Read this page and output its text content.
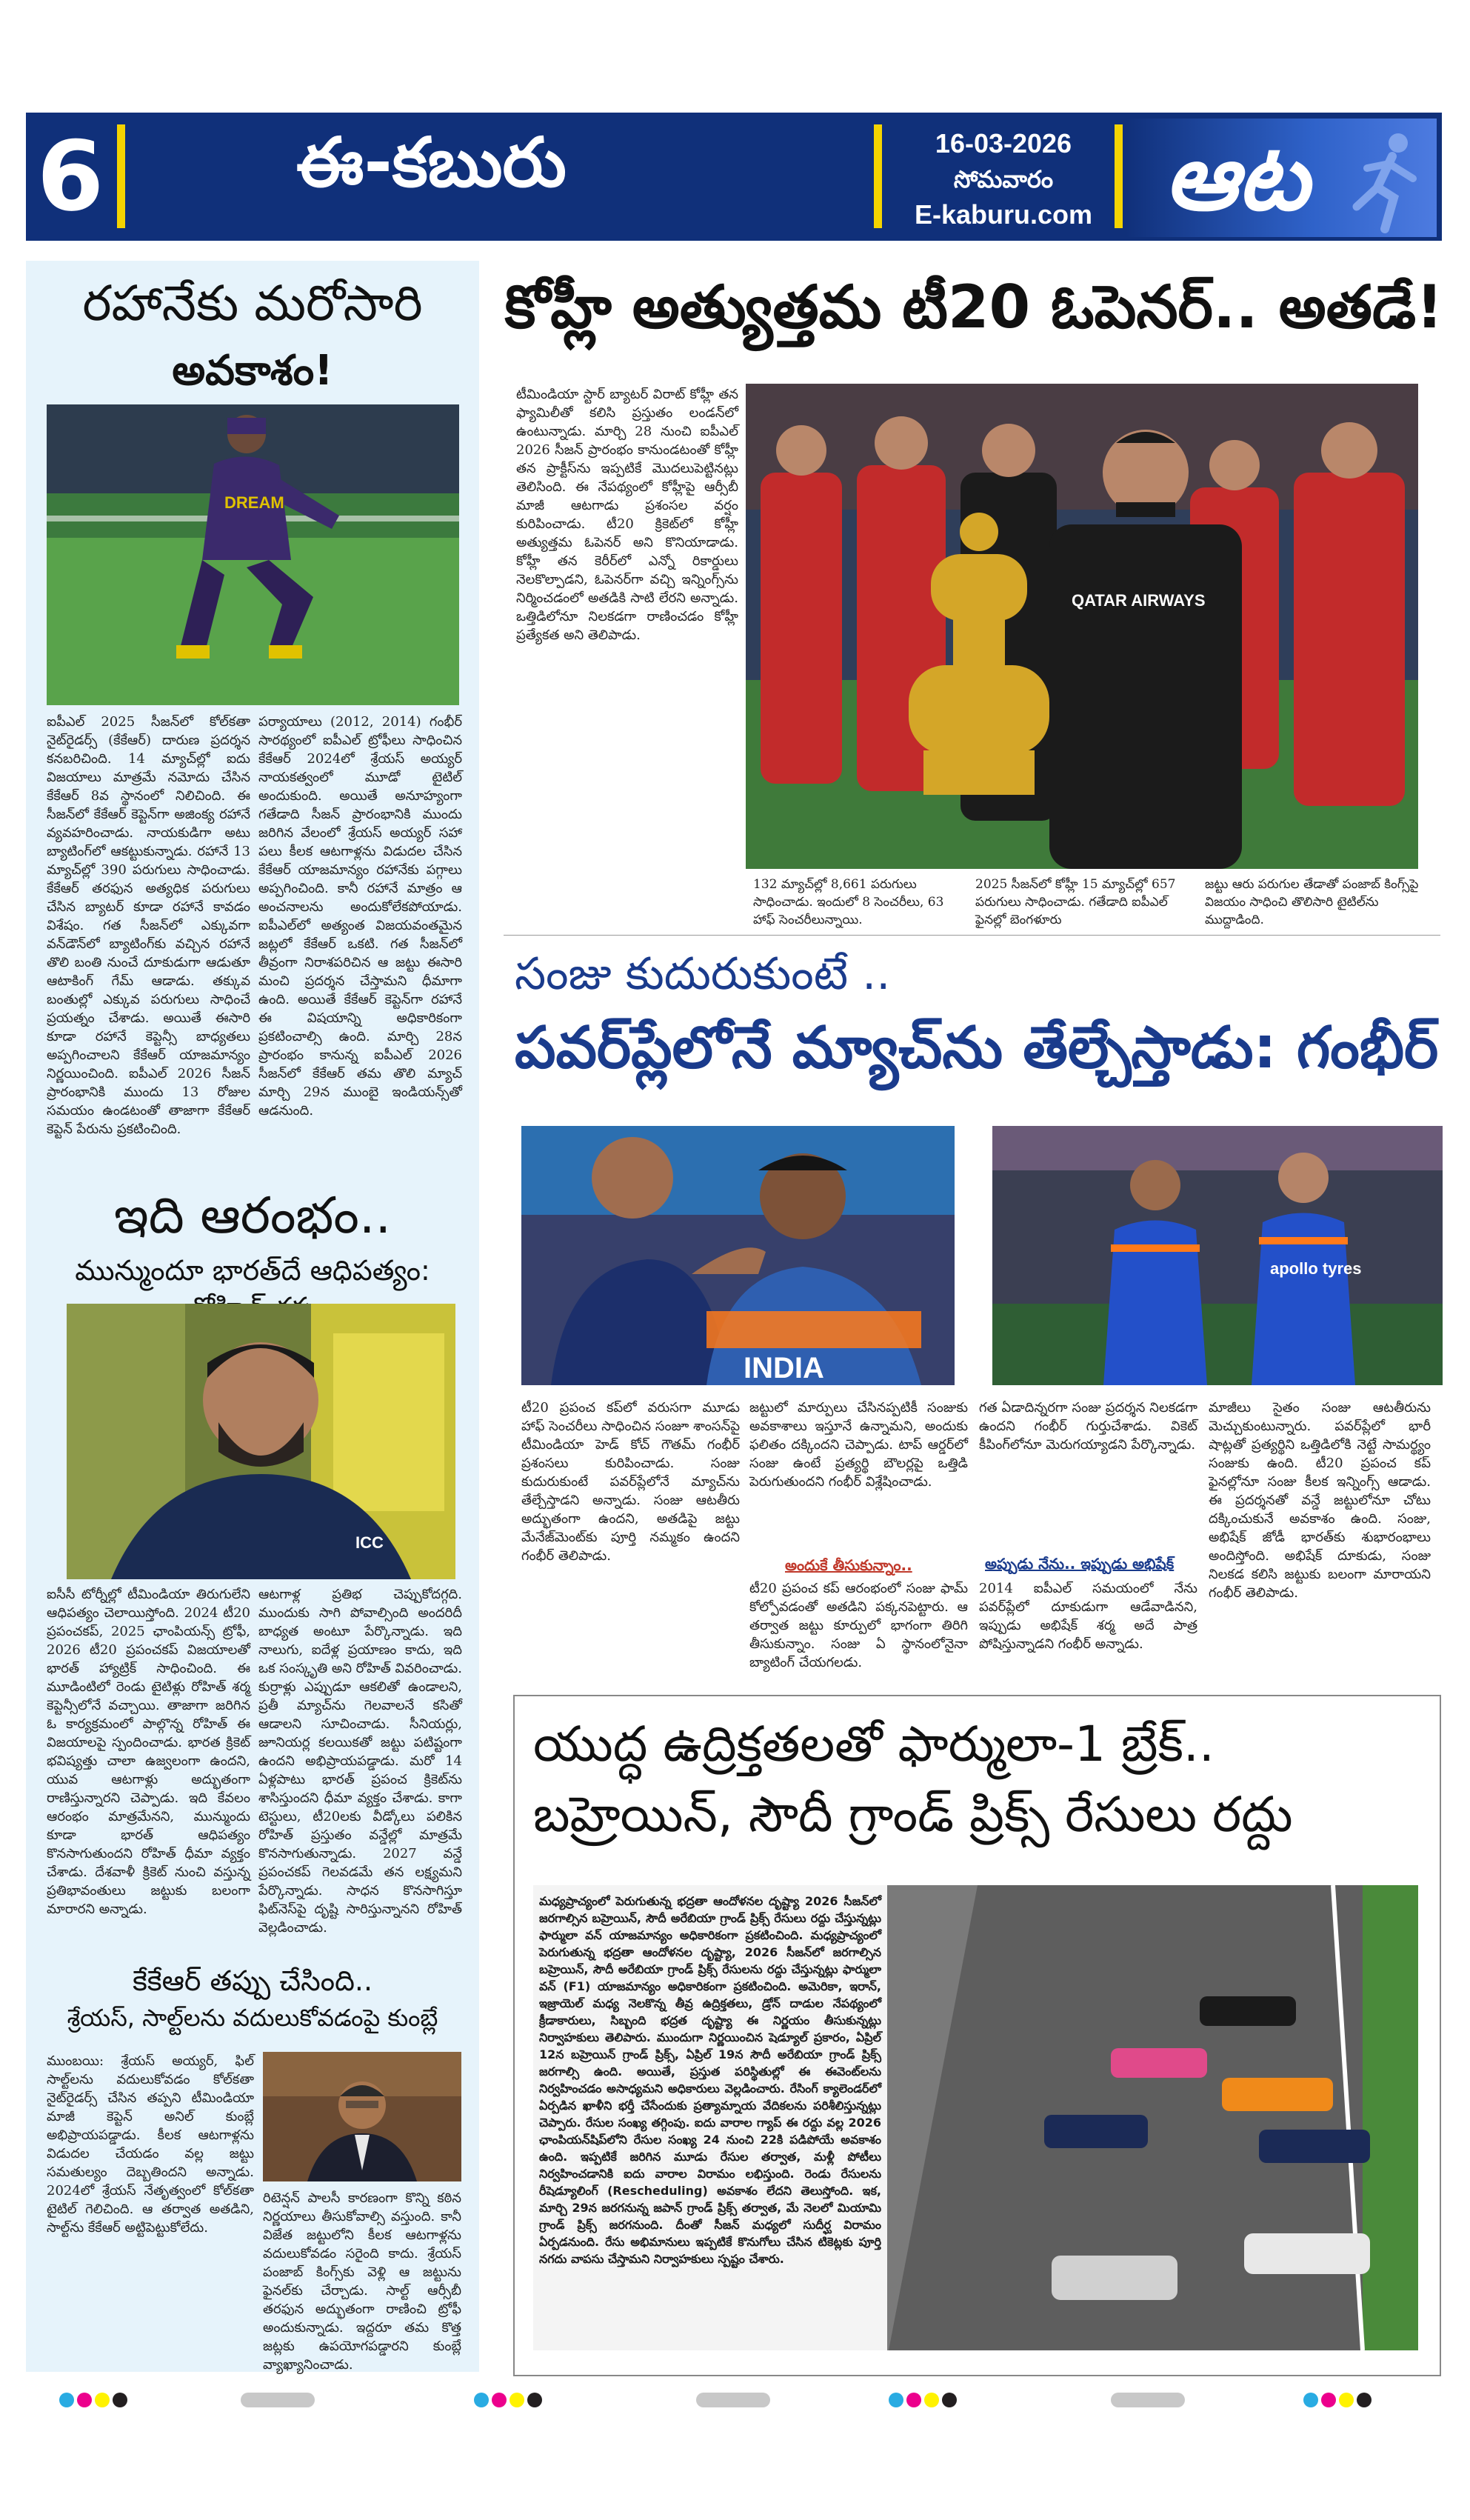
6	ఈ-కబురు	16-03-2026
సోమవారం
E-kaburu.com ఆట
రహానేకు మరోసారి
అవకాశం!
DREAM
ఐపీఎల్ 2025 సీజన్‌లో కోల్‌కతా నైట్‌రైడర్స్ (కేకేఆర్) దారుణ ప్రదర్శన కనబరిచింది. 14 మ్యాచ్‌ల్లో ఐదు విజయాలు మాత్రమే నమోదు చేసిన కేకేఆర్ 8వ స్థానంలో నిలిచింది. ఈ సీజన్‌లో కేకేఆర్ కెప్టెన్‌గా అజింక్య రహానే వ్యవహరించాడు. నాయకుడిగా అటు బ్యాటింగ్‌లో ఆకట్టుకున్నాడు. రహానే 13 మ్యాచ్‌ల్లో 390 పరుగులు సాధించాడు. కేకేఆర్ తరఫున అత్యధిక పరుగులు చేసిన బ్యాటర్ కూడా రహానే కావడం విశేషం. గత సీజన్‌లో ఎక్కువగా వన్‌డౌన్‌లో బ్యాటింగ్‌కు వచ్చిన రహానే తొలి బంతి నుంచే దూకుడుగా ఆడుతూ ఆటాకింగ్ గేమ్ ఆడాడు. తక్కువ బంతుల్లో ఎక్కువ పరుగులు సాధించే ప్రయత్నం చేశాడు. అయితే ఈసారి కూడా రహానే కెప్టెన్సీ బాధ్యతలు అప్పగించాలని కేకేఆర్ యాజమాన్యం నిర్ణయించింది. ఐపీఎల్ 2026 సీజన్ ప్రారంభానికి ముందు 13 రోజుల సమయం ఉండటంతో తాజాగా కేకేఆర్ కెప్టెన్ పేరును ప్రకటించింది.
పర్యాయాలు (2012, 2014) గంభీర్ సారథ్యంలో ఐపీఎల్ ట్రోఫీలు సాధించిన కేకేఆర్ 2024లో శ్రేయస్ అయ్యర్ నాయకత్వంలో మూడో టైటిల్ అందుకుంది. అయితే అనూహ్యంగా గతేడాది సీజన్ ప్రారంభానికి ముందు జరిగిన వేలంలో శ్రేయస్ అయ్యర్ సహా పలు కీలక ఆటగాళ్లను విడుదల చేసిన కేకేఆర్ యాజమాన్యం రహానేకు పగ్గాలు అప్పగించింది. కానీ రహానే మాత్రం ఆ అంచనాలను అందుకోలేకపోయాడు. ఐపీఎల్‌లో అత్యంత విజయవంతమైన జట్లలో కేకేఆర్ ఒకటి. గత సీజన్‌లో తీవ్రంగా నిరాశపరిచిన ఆ జట్టు ఈసారి మంచి ప్రదర్శన చేస్తామని ధీమాగా ఉంది. అయితే కేకేఆర్ కెప్టెన్‌గా రహానే ఈ విషయాన్ని అధికారికంగా ప్రకటించాల్సి ఉంది. మార్చి 28న ప్రారంభం కానున్న ఐపీఎల్ 2026 సీజన్‌లో కేకేఆర్ తమ తొలి మ్యాచ్ మార్చి 29న ముంబై ఇండియన్స్‌తో ఆడనుంది.
ఇది ఆరంభం..
మున్ముందూ భారత్‌దే ఆధిపత్యం:
ICC
ఐసీసీ టోర్నీల్లో టీమిండియా తిరుగులేని ఆధిపత్యం చెలాయిస్తోంది. 2024 టీ20 ప్రపంచకప్, 2025 ఛాంపియన్స్ ట్రోఫీ, 2026 టీ20 ప్రపంచకప్ విజయాలతో భారత్ హ్యాట్రిక్ సాధించింది. ఈ మూడింటిలో రెండు టైటిళ్లు రోహిత్ శర్మ కెప్టెన్సీలోనే వచ్చాయి. తాజాగా జరిగిన ఓ కార్యక్రమంలో పాల్గొన్న రోహిత్ ఈ విజయాలపై స్పందించాడు. భారత క్రికెట్ భవిష్యత్తు చాలా ఉజ్వలంగా ఉందని, యువ ఆటగాళ్లు అద్భుతంగా రాణిస్తున్నారని చెప్పాడు. ఇది కేవలం ఆరంభం మాత్రమేనని, మున్ముందు కూడా భారత్ ఆధిపత్యం కొనసాగుతుందని రోహిత్ ధీమా వ్యక్తం చేశాడు. దేశవాళీ క్రికెట్ నుంచి వస్తున్న ప్రతిభావంతులు జట్టుకు బలంగా మారారని అన్నాడు.
ఆటగాళ్ల ప్రతిభ చెప్పుకోదగ్గది. ముందుకు సాగి పోవాల్సింది అందరిదీ బాధ్యత అంటూ పేర్కొన్నాడు. ఇది నాలుగు, ఐదేళ్ల ప్రయాణం కాదు, ఇది ఒక సంస్కృతి అని రోహిత్ వివరించాడు. కుర్రాళ్లు ఎప్పుడూ ఆకలితో ఉండాలని, ప్రతీ మ్యాచ్‌ను గెలవాలనే కసితో ఆడాలని సూచించాడు. సీనియర్లు, జూనియర్ల కలయికతో జట్టు పటిష్టంగా ఉందని అభిప్రాయపడ్డాడు. మరో 14 ఏళ్లపాటు భారత్ ప్రపంచ క్రికెట్‌ను శాసిస్తుందని ధీమా వ్యక్తం చేశాడు. కాగా టెస్టులు, టీ20లకు వీడ్కోలు పలికిన రోహిత్ ప్రస్తుతం వన్డేల్లో మాత్రమే కొనసాగుతున్నాడు. 2027 వన్డే ప్రపంచకప్ గెలవడమే తన లక్ష్యమని పేర్కొన్నాడు. సాధన కొనసాగిస్తూ ఫిట్‌నెస్‌పై దృష్టి సారిస్తున్నానని రోహిత్ వెల్లడించాడు.
కేకేఆర్ తప్పు చేసింది..
శ్రేయస్, సాల్ట్‌లను వదులుకోవడంపై కుంబ్లే
ముంబయి: శ్రేయస్ అయ్యర్, ఫిల్ సాల్ట్‌లను వదులుకోవడం కోల్‌కతా నైట్‌రైడర్స్ చేసిన తప్పని టీమిండియా మాజీ కెప్టెన్ అనిల్ కుంబ్లే అభిప్రాయపడ్డాడు. కీలక ఆటగాళ్లను విడుదల చేయడం వల్ల జట్టు సమతుల్యం దెబ్బతిందని అన్నాడు. 2024లో శ్రేయస్ నేతృత్వంలో కోల్‌కతా టైటిల్ గెలిచింది. ఆ తర్వాత అతడిని, సాల్ట్‌ను కేకేఆర్ అట్టిపెట్టుకోలేదు.
రిటెన్షన్ పాలసీ కారణంగా కొన్ని కఠిన నిర్ణయాలు తీసుకోవాల్సి వస్తుంది. కానీ విజేత జట్టులోని కీలక ఆటగాళ్లను వదులుకోవడం సరైంది కాదు. శ్రేయస్ పంజాబ్ కింగ్స్‌కు వెళ్లి ఆ జట్టును ఫైనల్‌కు చేర్చాడు. సాల్ట్ ఆర్సీబీ తరఫున అద్భుతంగా రాణించి ట్రోఫీ అందుకున్నాడు. ఇద్దరూ తమ కొత్త జట్లకు ఉపయోగపడ్డారని కుంబ్లే వ్యాఖ్యానించాడు.
కోహ్లీ అత్యుత్తమ టీ20 ఓపెనర్.. అతడే!
టీమిండియా స్టార్ బ్యాటర్ విరాట్ కోహ్లీ తన ఫ్యామిలీతో కలిసి ప్రస్తుతం లండన్‌లో ఉంటున్నాడు. మార్చి 28 నుంచి ఐపీఎల్ 2026 సీజన్ ప్రారంభం కానుండటంతో కోహ్లీ తన ప్రాక్టీస్‌ను ఇప్పటికే మొదలుపెట్టినట్లు తెలిసింది. ఈ నేపథ్యంలో కోహ్లీపై ఆర్సీబీ మాజీ ఆటగాడు ప్రశంసల వర్షం కురిపించాడు. టీ20 క్రికెట్‌లో కోహ్లీ అత్యుత్తమ ఓపెనర్ అని కొనియాడాడు. కోహ్లీ తన కెరీర్‌లో ఎన్నో రికార్డులు నెలకొల్పాడని, ఓపెనర్‌గా వచ్చి ఇన్నింగ్స్‌ను నిర్మించడంలో అతడికి సాటి లేరని అన్నాడు. ఒత్తిడిలోనూ నిలకడగా రాణించడం కోహ్లీ ప్రత్యేకత అని తెలిపాడు.
QATAR AIRWAYS
132 మ్యాచ్‌ల్లో 8,661 పరుగులు సాధించాడు. ఇందులో 8 సెంచరీలు, 63 హాఫ్ సెంచరీలున్నాయి.
2025 సీజన్‌లో కోహ్లీ 15 మ్యాచ్‌ల్లో 657 పరుగులు సాధించాడు. గతేడాది ఐపీఎల్ ఫైనల్లో బెంగళూరు
జట్టు ఆరు పరుగుల తేడాతో పంజాబ్ కింగ్స్‌పై విజయం సాధించి తొలిసారి టైటిల్‌ను ముద్దాడింది.
సంజు కుదురుకుంటే ..
పవర్‌ప్లేలోనే మ్యాచ్‌ను తేల్చేస్తాడు: గంభీర్
INDIA
apollo tyres
టీ20 ప్రపంచ కప్‌లో వరుసగా మూడు హాఫ్ సెంచరీలు సాధించిన సంజూ శాంసన్‌పై టీమిండియా హెడ్ కోచ్ గౌతమ్ గంభీర్ ప్రశంసలు కురిపించాడు. సంజు కుదురుకుంటే పవర్‌ప్లేలోనే మ్యాచ్‌ను తేల్చేస్తాడని అన్నాడు. సంజు ఆటతీరు అద్భుతంగా ఉందని, అతడిపై జట్టు మేనేజ్‌మెంట్‌కు పూర్తి నమ్మకం ఉందని గంభీర్ తెలిపాడు.
జట్టులో మార్పులు చేసినప్పటికీ సంజుకు అవకాశాలు ఇస్తూనే ఉన్నామని, అందుకు ఫలితం దక్కిందని చెప్పాడు. టాప్ ఆర్డర్‌లో సంజు ఉంటే ప్రత్యర్థి బౌలర్లపై ఒత్తిడి పెరుగుతుందని గంభీర్ విశ్లేషించాడు.
అందుకే తీసుకున్నాం..
టీ20 ప్రపంచ కప్ ఆరంభంలో సంజు ఫామ్ కోల్పోవడంతో అతడిని పక్కనపెట్టారు. ఆ తర్వాత జట్టు కూర్పులో భాగంగా తిరిగి తీసుకున్నాం. సంజు ఏ స్థానంలోనైనా బ్యాటింగ్ చేయగలడు.
గత ఏడాదిన్నరగా సంజు ప్రదర్శన నిలకడగా ఉందని గంభీర్ గుర్తుచేశాడు. వికెట్ కీపింగ్‌లోనూ మెరుగయ్యాడని పేర్కొన్నాడు.
అప్పుడు నేను.. ఇప్పుడు అభిషేక్
2014 ఐపీఎల్ సమయంలో నేను పవర్‌ప్లేలో దూకుడుగా ఆడేవాడినని, ఇప్పుడు అభిషేక్ శర్మ అదే పాత్ర పోషిస్తున్నాడని గంభీర్ అన్నాడు.
మాజీలు సైతం సంజు ఆటతీరును మెచ్చుకుంటున్నారు. పవర్‌ప్లేలో భారీ షాట్లతో ప్రత్యర్థిని ఒత్తిడిలోకి నెట్టే సామర్థ్యం సంజుకు ఉంది. టీ20 ప్రపంచ కప్ ఫైనల్లోనూ సంజు కీలక ఇన్నింగ్స్ ఆడాడు. ఈ ప్రదర్శనతో వన్డే జట్టులోనూ చోటు దక్కించుకునే అవకాశం ఉంది. సంజు, అభిషేక్ జోడీ భారత్‌కు శుభారంభాలు అందిస్తోంది. అభిషేక్ దూకుడు, సంజు నిలకడ కలిసి జట్టుకు బలంగా మారాయని గంభీర్ తెలిపాడు.
యుద్ధ ఉద్రిక్తతలతో ఫార్ములా-1 బ్రేక్..
బహ్రెయిన్, సౌదీ గ్రాండ్ ప్రిక్స్ రేసులు రద్దు
మధ్యప్రాచ్యంలో పెరుగుతున్న భద్రతా ఆందోళనల దృష్ట్యా 2026 సీజన్‌లో జరగాల్సిన బహ్రెయిన్, సౌదీ అరేబియా గ్రాండ్ ప్రిక్స్ రేసులు రద్దు చేస్తున్నట్లు ఫార్ములా వన్ యాజమాన్యం అధికారికంగా ప్రకటించింది. మధ్యప్రాచ్యంలో పెరుగుతున్న భద్రతా ఆందోళనల దృష్ట్యా, 2026 సీజన్‌లో జరగాల్సిన బహ్రెయిన్, సౌదీ అరేబియా గ్రాండ్ ప్రిక్స్ రేసులను రద్దు చేస్తున్నట్లు ఫార్ములా వన్ (F1) యాజమాన్యం అధికారికంగా ప్రకటించింది. అమెరికా, ఇరాన్, ఇజ్రాయెల్ మధ్య నెలకొన్న తీవ్ర ఉద్రిక్తతలు, డ్రోన్ దాడుల నేపథ్యంలో క్రీడాకారులు, సిబ్బంది భద్రత దృష్ట్యా ఈ నిర్ణయం తీసుకున్నట్లు నిర్వాహకులు తెలిపారు. ముందుగా నిర్ణయించిన షెడ్యూల్ ప్రకారం, ఏప్రిల్ 12న బహ్రెయిన్ గ్రాండ్ ప్రిక్స్, ఏప్రిల్ 19న సౌదీ అరేబియా గ్రాండ్ ప్రిక్స్ జరగాల్సి ఉంది. అయితే, ప్రస్తుత పరిస్థితుల్లో ఈ ఈవెంట్‌లను నిర్వహించడం అసాధ్యమని అధికారులు వెల్లడించారు. రేసింగ్ క్యాలెండర్‌లో ఏర్పడిన ఖాళీని భర్తీ చేసేందుకు ప్రత్యామ్నాయ వేదికలను పరిశీలిస్తున్నట్లు చెప్పారు. రేసుల సంఖ్య తగ్గింపు. ఐదు వారాల గ్యాప్ ఈ రద్దు వల్ల 2026 ఛాంపియన్‌షిప్‌లోని రేసుల సంఖ్య 24 నుంచి 22కి పడిపోయే అవకాశం ఉంది. ఇప్పటికే జరిగిన మూడు రేసుల తర్వాత, మళ్లీ పోటీలు నిర్వహించడానికి ఐదు వారాల విరామం లభిస్తుంది. రెండు రేసులను రీషెడ్యూలింగ్ (Rescheduling) అవకాశం లేదని తెలుస్తోంది. ఇక, మార్చి 29న జరగనున్న జపాన్ గ్రాండ్ ప్రిక్స్ తర్వాత, మే నెలలో మియామి గ్రాండ్ ప్రిక్స్ జరగనుంది. దీంతో సీజన్ మధ్యలో సుదీర్ఘ విరామం ఏర్పడనుంది. రేసు అభిమానులు ఇప్పటికే కొనుగోలు చేసిన టికెట్లకు పూర్తి నగదు వాపసు చేస్తామని నిర్వాహకులు స్పష్టం చేశారు.
